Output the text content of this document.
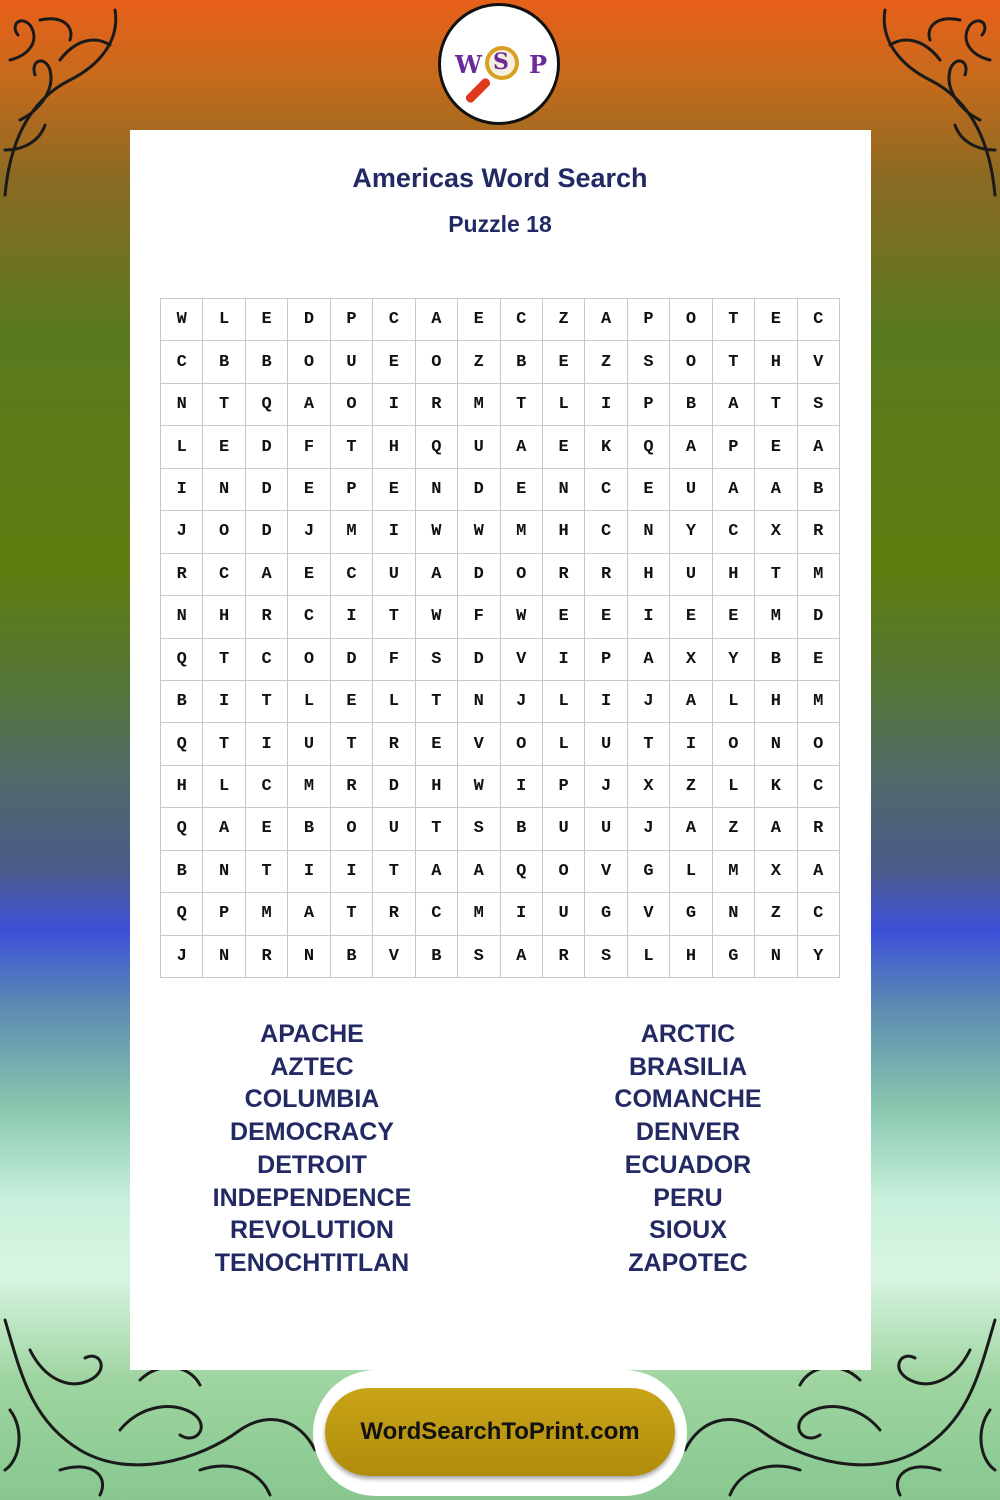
W S P
Americas Word Search
Puzzle 18
W	L	E	D	P	C	A	E	C	Z	A	P	O	T	E	C
C	B	B	O	U	E	O	Z	B	E	Z	S	O	T	H	V
N	T	Q	A	O	I	R	M	T	L	I	P	B	A	T	S
L	E	D	F	T	H	Q	U	A	E	K	Q	A	P	E	A
I	N	D	E	P	E	N	D	E	N	C	E	U	A	A	B
J	O	D	J	M	I	W	W	M	H	C	N	Y	C	X	R
R	C	A	E	C	U	A	D	O	R	R	H	U	H	T	M
N	H	R	C	I	T	W	F	W	E	E	I	E	E	M	D
Q	T	C	O	D	F	S	D	V	I	P	A	X	Y	B	E
B	I	T	L	E	L	T	N	J	L	I	J	A	L	H	M
Q	T	I	U	T	R	E	V	O	L	U	T	I	O	N	O
H	L	C	M	R	D	H	W	I	P	J	X	Z	L	K	C
Q	A	E	B	O	U	T	S	B	U	U	J	A	Z	A	R
B	N	T	I	I	T	A	A	Q	O	V	G	L	M	X	A
Q	P	M	A	T	R	C	M	I	U	G	V	G	N	Z	C
J	N	R	N	B	V	B	S	A	R	S	L	H	G	N	Y
APACHE
AZTEC
COLUMBIA
DEMOCRACY
DETROIT
INDEPENDENCE
REVOLUTION
TENOCHTITLAN
ARCTIC
BRASILIA
COMANCHE
DENVER
ECUADOR
PERU
SIOUX
ZAPOTEC
WordSearchToPrint.com
